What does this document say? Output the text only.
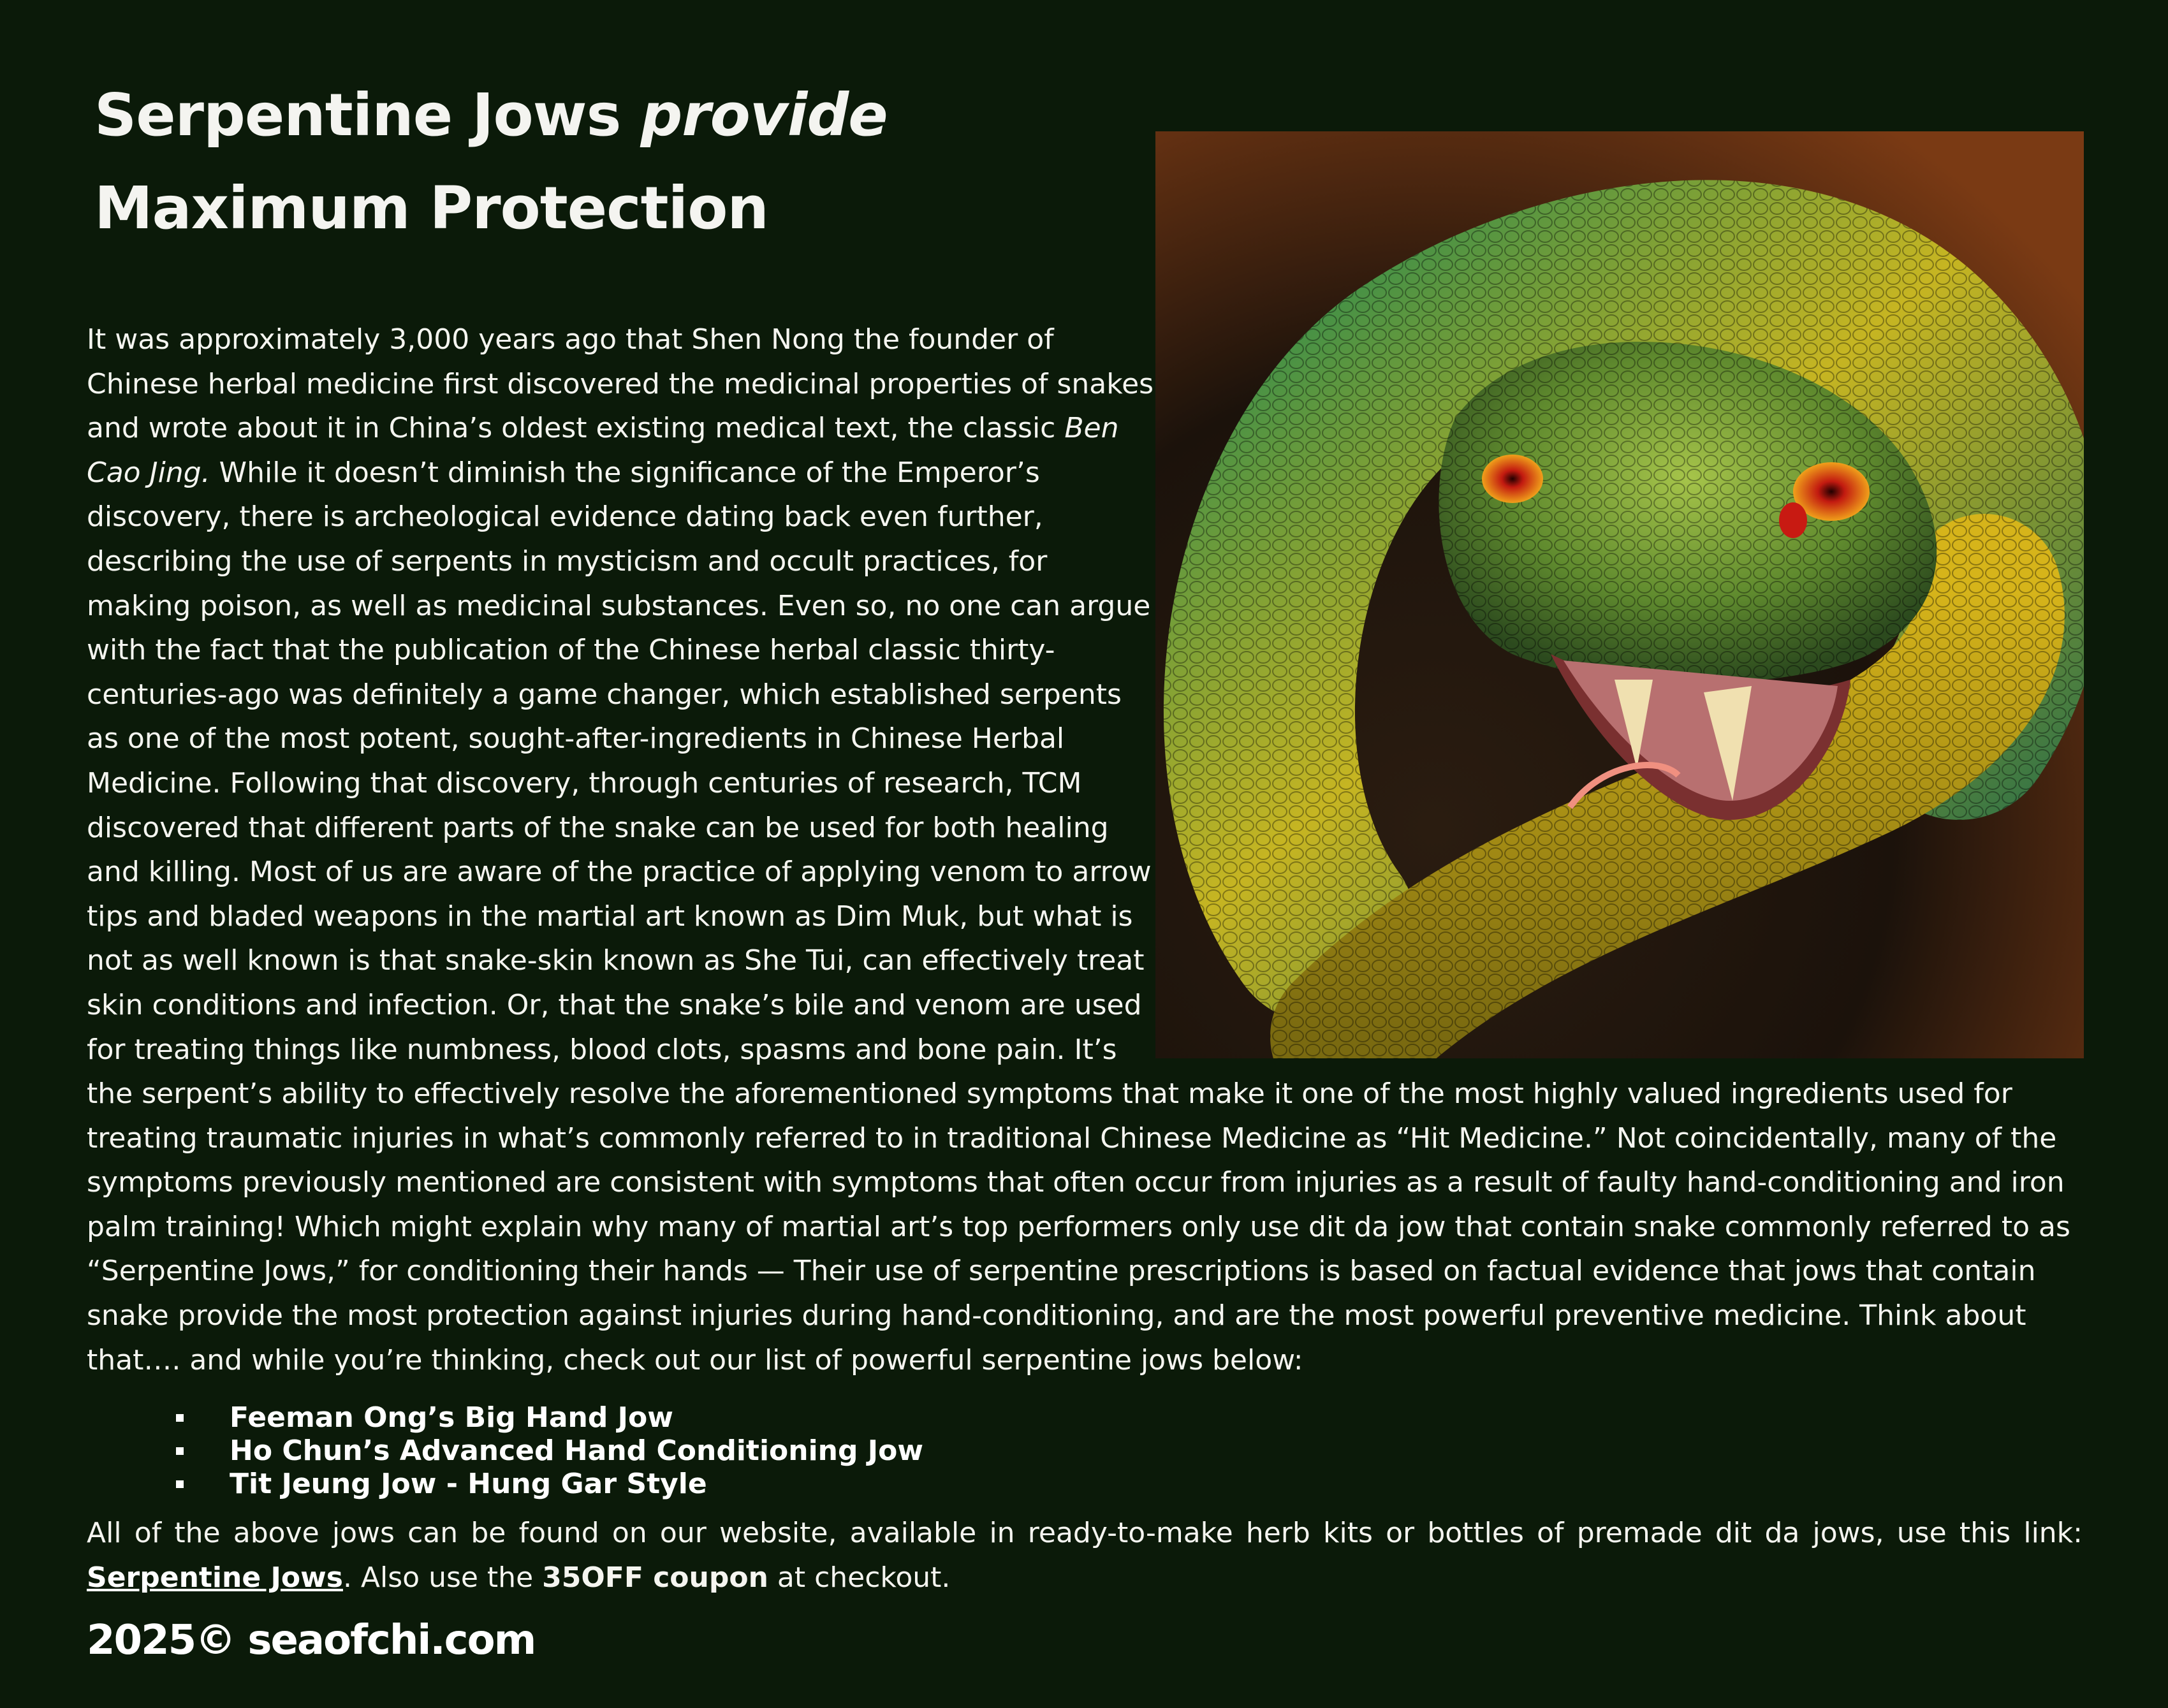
Serpentine Jows provide
Maximum Protection

It was approximately 3,000 years ago that Shen Nong the founder of Chinese herbal medicine first discovered the medicinal properties of snakes and wrote about it in China’s oldest existing medical text, the classic Ben Cao Jing. While it doesn’t diminish the significance of the Emperor’s discovery, there is archeological evidence dating back even further, describing the use of serpents in mysticism and occult practices, for making poison, as well as medicinal substances. Even so, no one can argue with the fact that the publication of the Chinese herbal classic thirty-centuries-ago was definitely a game changer, which established serpents as one of the most potent, sought-after-ingredients in Chinese Herbal Medicine. Following that discovery, through centuries of research, TCM discovered that different parts of the snake can be used for both healing and killing. Most of us are aware of the practice of applying venom to arrow tips and bladed weapons in the martial art known as Dim Muk, but what is not as well known is that snake-skin known as She Tui, can effectively treat skin conditions and infection. Or, that the snake’s bile and venom are used for treating things like numbness, blood clots, spasms and bone pain. It’s the serpent’s ability to effectively resolve the aforementioned symptoms that make it one of the most highly valued ingredients used for treating traumatic injuries in what’s commonly referred to in traditional Chinese Medicine as “Hit Medicine.” Not coincidentally, many of the symptoms previously mentioned are consistent with symptoms that often occur from injuries as a result of faulty hand-conditioning and iron palm training! Which might explain why many of martial art’s top performers only use dit da jow that contain snake commonly referred to as “Serpentine Jows,” for conditioning their hands — Their use of serpentine prescriptions is based on factual evidence that jows that contain snake provide the most protection against injuries during hand-conditioning, and are the most powerful preventive medicine. Think about that…. and while you’re thinking, check out our list of powerful serpentine jows below:

Feeman Ong’s Big Hand Jow
Ho Chun’s Advanced Hand Conditioning Jow
Tit Jeung Jow - Hung Gar Style
All of the above jows can be found on our website, available in ready-to-make herb kits or bottles of premade dit da jows, use this link: Serpentine Jows. Also use the 35OFF coupon at checkout.
2025© seaofchi.com
